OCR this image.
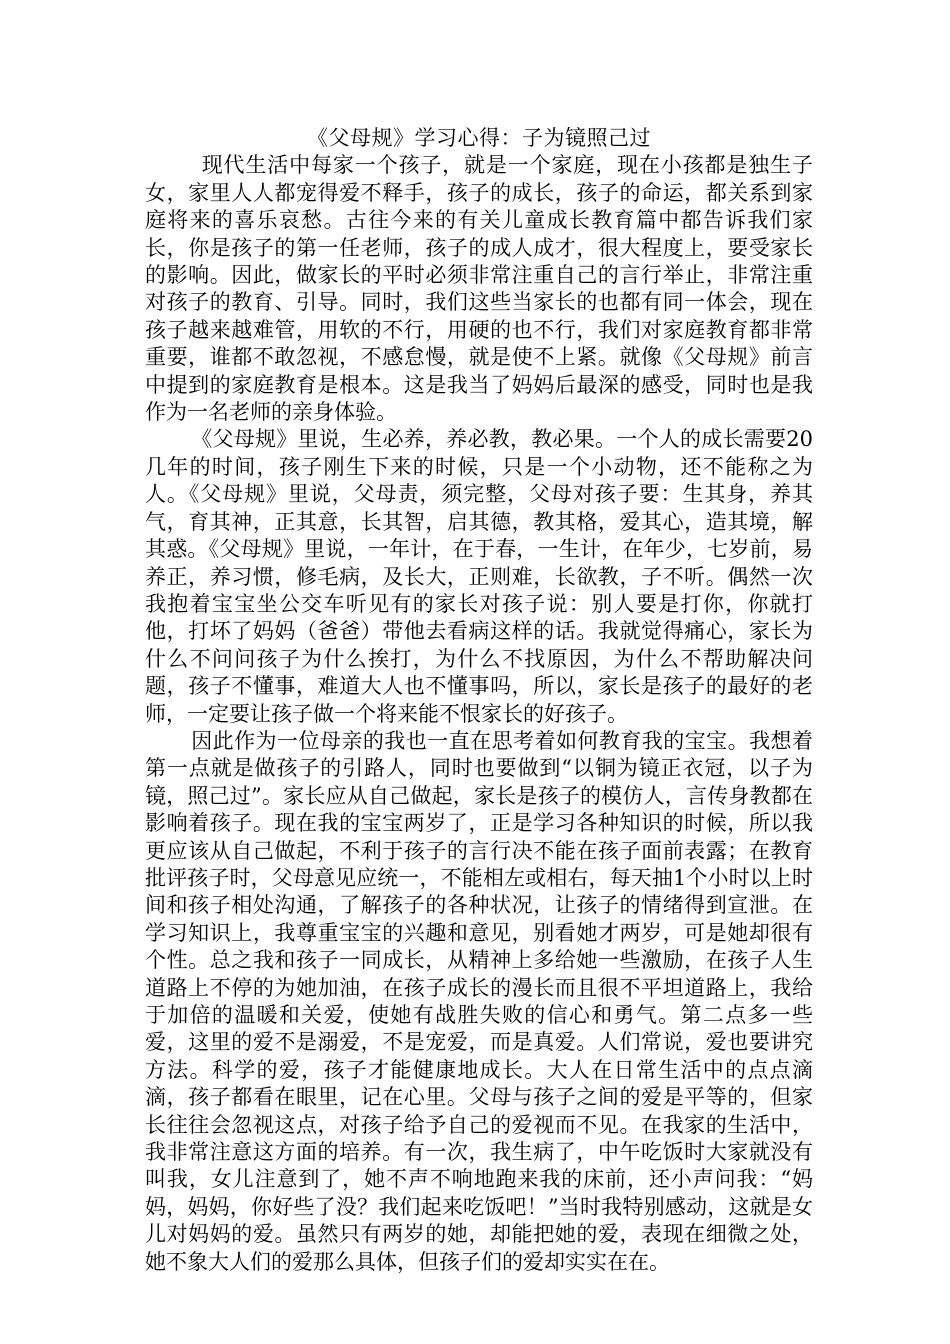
《父母规》学习心得：子为镜照己过

现代生活中每家一个孩子，就是一个家庭，现在小孩都是独生子女，家里人人都宠得爱不释手，孩子的成长，孩子的命运，都关系到家庭将来的喜乐哀愁。古往今来的有关儿童成长教育篇中都告诉我们家长，你是孩子的第一任老师，孩子的成人成才，很大程度上，要受家长的影响。因此，做家长的平时必须非常注重自己的言行举止，非常注重对孩子的教育、引导。同时，我们这些当家长的也都有同一体会，现在孩子越来越难管，用软的不行，用硬的也不行，我们对家庭教育都非常重要，谁都不敢忽视，不感怠慢，就是使不上紧。就像《父母规》前言中提到的家庭教育是根本。这是我当了妈妈后最深的感受，同时也是我作为一名老师的亲身体验。

《父母规》里说，生必养，养必教，教必果。一个人的成长需要20几年的时间，孩子刚生下来的时候，只是一个小动物，还不能称之为人。《父母规》里说，父母责，须完整，父母对孩子要：生其身，养其气，育其神，正其意，长其智，启其德，教其格，爱其心，造其境，解其惑。《父母规》里说，一年计，在于春，一生计，在年少，七岁前，易养正，养习惯，修毛病，及长大，正则难，长欲教，子不听。偶然一次我抱着宝宝坐公交车听见有的家长对孩子说：别人要是打你，你就打他，打坏了妈妈（爸爸）带他去看病这样的话。我就觉得痛心，家长为什么不问问孩子为什么挨打，为什么不找原因，为什么不帮助解决问题，孩子不懂事，难道大人也不懂事吗，所以，家长是孩子的最好的老师，一定要让孩子做一个将来能不恨家长的好孩子。

因此作为一位母亲的我也一直在思考着如何教育我的宝宝。我想着第一点就是做孩子的引路人，同时也要做到“以铜为镜正衣冠，以子为镜，照己过”。家长应从自己做起，家长是孩子的模仿人，言传身教都在影响着孩子。现在我的宝宝两岁了，正是学习各种知识的时候，所以我更应该从自己做起，不利于孩子的言行决不能在孩子面前表露；在教育批评孩子时，父母意见应统一，不能相左或相右，每天抽1个小时以上时间和孩子相处沟通，了解孩子的各种状况，让孩子的情绪得到宣泄。在学习知识上，我尊重宝宝的兴趣和意见，别看她才两岁，可是她却很有个性。总之我和孩子一同成长，从精神上多给她一些激励，在孩子人生道路上不停的为她加油，在孩子成长的漫长而且很不平坦道路上，我给于加倍的温暖和关爱，使她有战胜失败的信心和勇气。第二点多一些爱，这里的爱不是溺爱，不是宠爱，而是真爱。人们常说，爱也要讲究方法。科学的爱，孩子才能健康地成长。大人在日常生活中的点点滴滴，孩子都看在眼里，记在心里。父母与孩子之间的爱是平等的，但家长往往会忽视这点，对孩子给予自己的爱视而不见。在我家的生活中，我非常注意这方面的培养。有一次，我生病了，中午吃饭时大家就没有叫我，女儿注意到了，她不声不响地跑来我的床前，还小声问我：“妈妈，妈妈，你好些了没？我们起来吃饭吧！”当时我特别感动，这就是女儿对妈妈的爱。虽然只有两岁的她，却能把她的爱，表现在细微之处，她不象大人们的爱那么具体，但孩子们的爱却实实在在。
